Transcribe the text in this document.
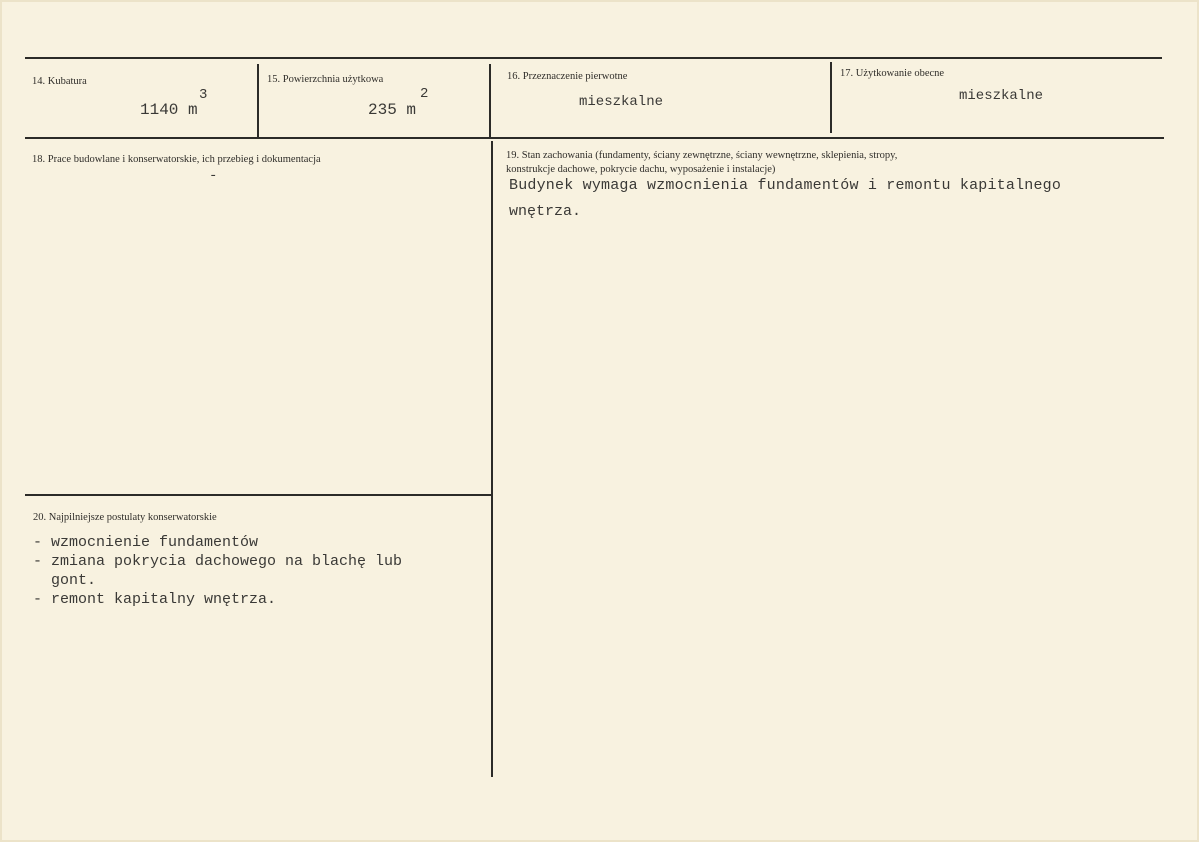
14. Kubatura
1140 m
3
15. Powierzchnia użytkowa
235 m
2
16. Przeznaczenie pierwotne
mieszkalne
17. Użytkowanie obecne
mieszkalne
18. Prace budowlane i konserwatorskie, ich przebieg i dokumentacja
-
19. Stan zachowania (fundamenty, ściany zewnętrzne, ściany wewnętrzne, sklepienia, stropy,
konstrukcje dachowe, pokrycie dachu, wyposażenie i instalacje)
Budynek wymaga wzmocnienia fundamentów i remontu kapitalnego
wnętrza.
20. Najpilniejsze postulaty konserwatorskie
- wzmocnienie fundamentów
- zmiana pokrycia dachowego na blachę lub
gont.
- remont kapitalny wnętrza.
